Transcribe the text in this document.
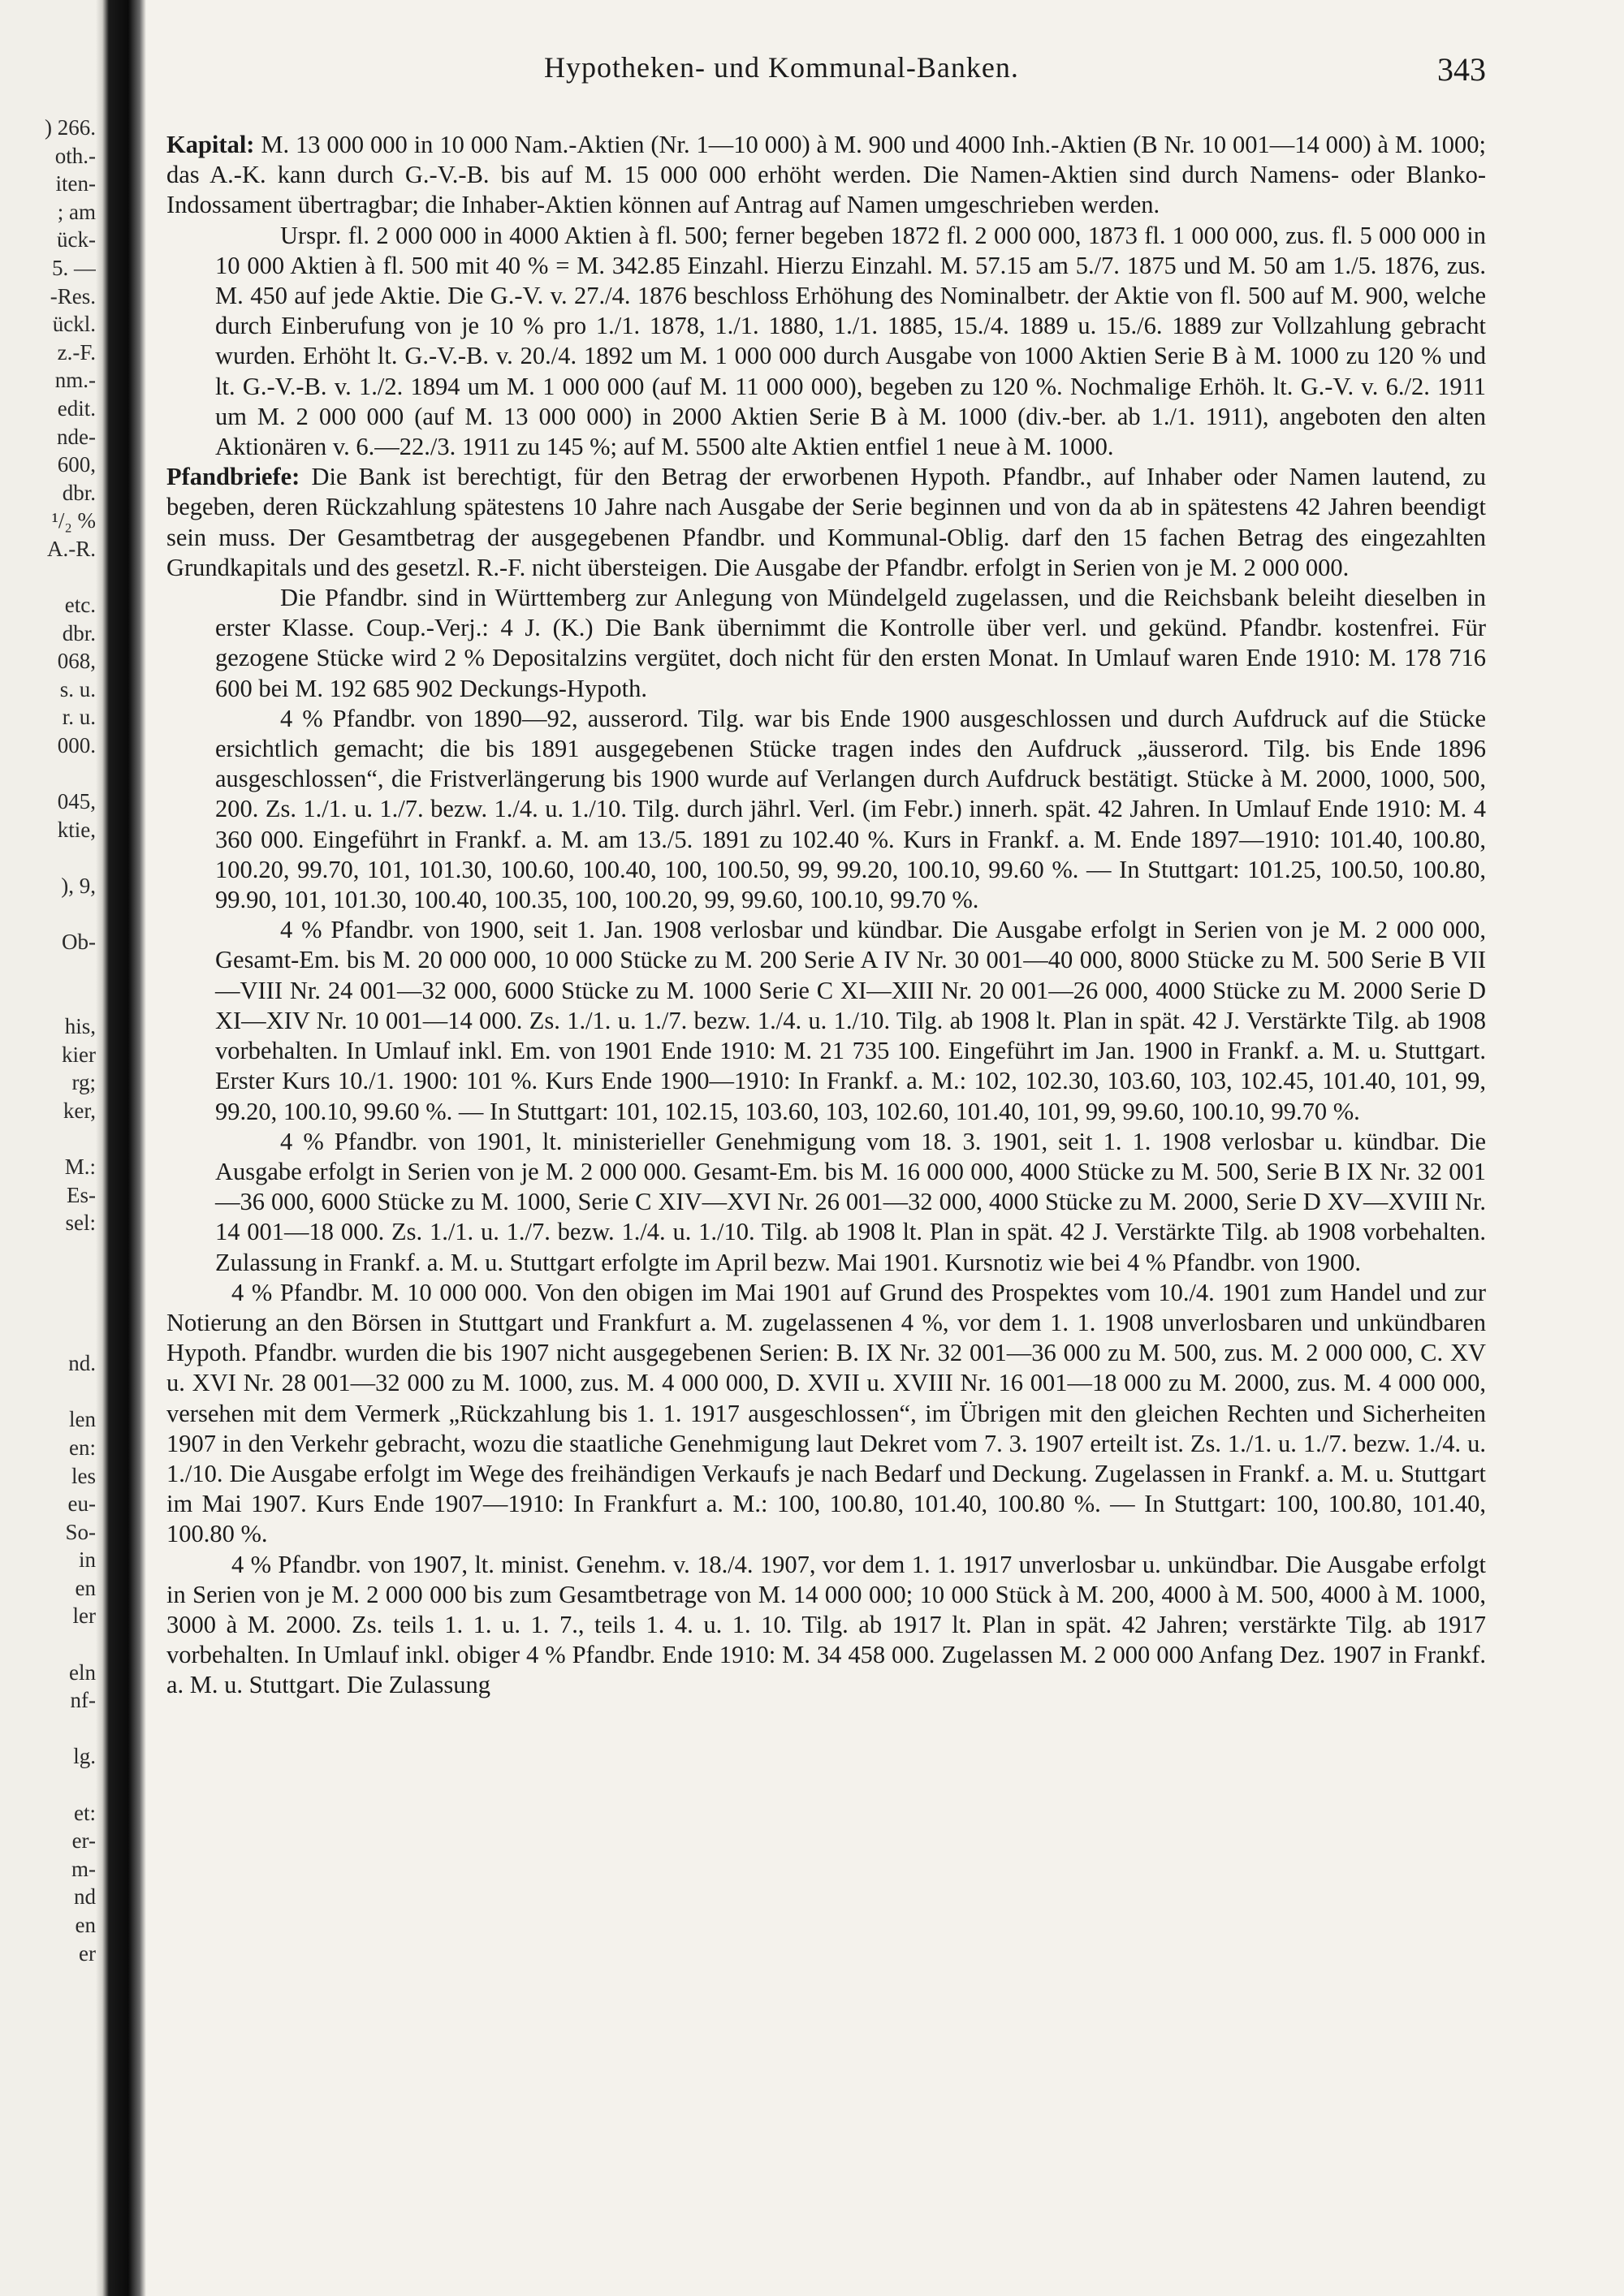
) 266.
oth.-
iten-
; am
ück-
5. —
-Res.
ückl.
z.-F.
nm.-
edit.
nde-
600,
dbr.
¹/₂ %
A.-R.
etc.
dbr.
068,
s. u.
r. u.
000.
045,
ktie,
), 9,
Ob-
his,
kier
rg;
ker,
M.:
Es-
sel:
nd.
len
en:
les
eu-
So-
in
en
ler
eln
nf-
lg.
et:
er-
m-
nd
en
er
Hypotheken- und Kommunal-Banken.	343

Kapital: M. 13 000 000 in 10 000 Nam.-Aktien (Nr. 1—10 000) à M. 900 und 4000 Inh.-Aktien (B Nr. 10 001—14 000) à M. 1000; das A.-K. kann durch G.-V.-B. bis auf M. 15 000 000 erhöht werden. Die Namen-Aktien sind durch Namens- oder Blanko-Indossament übertragbar; die Inhaber-Aktien können auf Antrag auf Namen umgeschrieben werden.

Urspr. fl. 2 000 000 in 4000 Aktien à fl. 500; ferner begeben 1872 fl. 2 000 000, 1873 fl. 1 000 000, zus. fl. 5 000 000 in 10 000 Aktien à fl. 500 mit 40 % = M. 342.85 Einzahl. Hierzu Einzahl. M. 57.15 am 5./7. 1875 und M. 50 am 1./5. 1876, zus. M. 450 auf jede Aktie. Die G.-V. v. 27./4. 1876 beschloss Erhöhung des Nominalbetr. der Aktie von fl. 500 auf M. 900, welche durch Einberufung von je 10 % pro 1./1. 1878, 1./1. 1880, 1./1. 1885, 15./4. 1889 u. 15./6. 1889 zur Vollzahlung gebracht wurden. Erhöht lt. G.-V.-B. v. 20./4. 1892 um M. 1 000 000 durch Ausgabe von 1000 Aktien Serie B à M. 1000 zu 120 % und lt. G.-V.-B. v. 1./2. 1894 um M. 1 000 000 (auf M. 11 000 000), begeben zu 120 %. Nochmalige Erhöh. lt. G.-V. v. 6./2. 1911 um M. 2 000 000 (auf M. 13 000 000) in 2000 Aktien Serie B à M. 1000 (div.-ber. ab 1./1. 1911), angeboten den alten Aktionären v. 6.—22./3. 1911 zu 145 %; auf M. 5500 alte Aktien entfiel 1 neue à M. 1000.

Pfandbriefe: Die Bank ist berechtigt, für den Betrag der erworbenen Hypoth. Pfandbr., auf Inhaber oder Namen lautend, zu begeben, deren Rückzahlung spätestens 10 Jahre nach Ausgabe der Serie beginnen und von da ab in spätestens 42 Jahren beendigt sein muss. Der Gesamtbetrag der ausgegebenen Pfandbr. und Kommunal-Oblig. darf den 15 fachen Betrag des eingezahlten Grundkapitals und des gesetzl. R.-F. nicht übersteigen. Die Ausgabe der Pfandbr. erfolgt in Serien von je M. 2 000 000.

Die Pfandbr. sind in Württemberg zur Anlegung von Mündelgeld zugelassen, und die Reichsbank beleiht dieselben in erster Klasse. Coup.-Verj.: 4 J. (K.) Die Bank übernimmt die Kontrolle über verl. und gekünd. Pfandbr. kostenfrei. Für gezogene Stücke wird 2 % Depositalzins vergütet, doch nicht für den ersten Monat. In Umlauf waren Ende 1910: M. 178 716 600 bei M. 192 685 902 Deckungs-Hypoth.

4 % Pfandbr. von 1890—92, ausserord. Tilg. war bis Ende 1900 ausgeschlossen und durch Aufdruck auf die Stücke ersichtlich gemacht; die bis 1891 ausgegebenen Stücke tragen indes den Aufdruck „äusserord. Tilg. bis Ende 1896 ausgeschlossen“, die Fristverlängerung bis 1900 wurde auf Verlangen durch Aufdruck bestätigt. Stücke à M. 2000, 1000, 500, 200. Zs. 1./1. u. 1./7. bezw. 1./4. u. 1./10. Tilg. durch jährl. Verl. (im Febr.) innerh. spät. 42 Jahren. In Umlauf Ende 1910: M. 4 360 000. Eingeführt in Frankf. a. M. am 13./5. 1891 zu 102.40 %. Kurs in Frankf. a. M. Ende 1897—1910: 101.40, 100.80, 100.20, 99.70, 101, 101.30, 100.60, 100.40, 100, 100.50, 99, 99.20, 100.10, 99.60 %. — In Stuttgart: 101.25, 100.50, 100.80, 99.90, 101, 101.30, 100.40, 100.35, 100, 100.20, 99, 99.60, 100.10, 99.70 %.

4 % Pfandbr. von 1900, seit 1. Jan. 1908 verlosbar und kündbar. Die Ausgabe erfolgt in Serien von je M. 2 000 000, Gesamt-Em. bis M. 20 000 000, 10 000 Stücke zu M. 200 Serie A IV Nr. 30 001—40 000, 8000 Stücke zu M. 500 Serie B VII—VIII Nr. 24 001—32 000, 6000 Stücke zu M. 1000 Serie C XI—XIII Nr. 20 001—26 000, 4000 Stücke zu M. 2000 Serie D XI—XIV Nr. 10 001—14 000. Zs. 1./1. u. 1./7. bezw. 1./4. u. 1./10. Tilg. ab 1908 lt. Plan in spät. 42 J. Verstärkte Tilg. ab 1908 vorbehalten. In Umlauf inkl. Em. von 1901 Ende 1910: M. 21 735 100. Eingeführt im Jan. 1900 in Frankf. a. M. u. Stuttgart. Erster Kurs 10./1. 1900: 101 %. Kurs Ende 1900—1910: In Frankf. a. M.: 102, 102.30, 103.60, 103, 102.45, 101.40, 101, 99, 99.20, 100.10, 99.60 %. — In Stuttgart: 101, 102.15, 103.60, 103, 102.60, 101.40, 101, 99, 99.60, 100.10, 99.70 %.

4 % Pfandbr. von 1901, lt. ministerieller Genehmigung vom 18. 3. 1901, seit 1. 1. 1908 verlosbar u. kündbar. Die Ausgabe erfolgt in Serien von je M. 2 000 000. Gesamt-Em. bis M. 16 000 000, 4000 Stücke zu M. 500, Serie B IX Nr. 32 001—36 000, 6000 Stücke zu M. 1000, Serie C XIV—XVI Nr. 26 001—32 000, 4000 Stücke zu M. 2000, Serie D XV—XVIII Nr. 14 001—18 000. Zs. 1./1. u. 1./7. bezw. 1./4. u. 1./10. Tilg. ab 1908 lt. Plan in spät. 42 J. Verstärkte Tilg. ab 1908 vorbehalten. Zulassung in Frankf. a. M. u. Stuttgart erfolgte im April bezw. Mai 1901. Kursnotiz wie bei 4 % Pfandbr. von 1900.

4 % Pfandbr. M. 10 000 000. Von den obigen im Mai 1901 auf Grund des Prospektes vom 10./4. 1901 zum Handel und zur Notierung an den Börsen in Stuttgart und Frankfurt a. M. zugelassenen 4 %, vor dem 1. 1. 1908 unverlosbaren und unkündbaren Hypoth. Pfandbr. wurden die bis 1907 nicht ausgegebenen Serien: B. IX Nr. 32 001—36 000 zu M. 500, zus. M. 2 000 000, C. XV u. XVI Nr. 28 001—32 000 zu M. 1000, zus. M. 4 000 000, D. XVII u. XVIII Nr. 16 001—18 000 zu M. 2000, zus. M. 4 000 000, versehen mit dem Vermerk „Rückzahlung bis 1. 1. 1917 ausgeschlossen“, im Übrigen mit den gleichen Rechten und Sicherheiten 1907 in den Verkehr gebracht, wozu die staatliche Genehmigung laut Dekret vom 7. 3. 1907 erteilt ist. Zs. 1./1. u. 1./7. bezw. 1./4. u. 1./10. Die Ausgabe erfolgt im Wege des freihändigen Verkaufs je nach Bedarf und Deckung. Zugelassen in Frankf. a. M. u. Stuttgart im Mai 1907. Kurs Ende 1907—1910: In Frankfurt a. M.: 100, 100.80, 101.40, 100.80 %. — In Stuttgart: 100, 100.80, 101.40, 100.80 %.

4 % Pfandbr. von 1907, lt. minist. Genehm. v. 18./4. 1907, vor dem 1. 1. 1917 unverlosbar u. unkündbar. Die Ausgabe erfolgt in Serien von je M. 2 000 000 bis zum Gesamtbetrage von M. 14 000 000; 10 000 Stück à M. 200, 4000 à M. 500, 4000 à M. 1000, 3000 à M. 2000. Zs. teils 1. 1. u. 1. 7., teils 1. 4. u. 1. 10. Tilg. ab 1917 lt. Plan in spät. 42 Jahren; verstärkte Tilg. ab 1917 vorbehalten. In Umlauf inkl. obiger 4 % Pfandbr. Ende 1910: M. 34 458 000. Zugelassen M. 2 000 000 Anfang Dez. 1907 in Frankf. a. M. u. Stuttgart. Die Zulassung
